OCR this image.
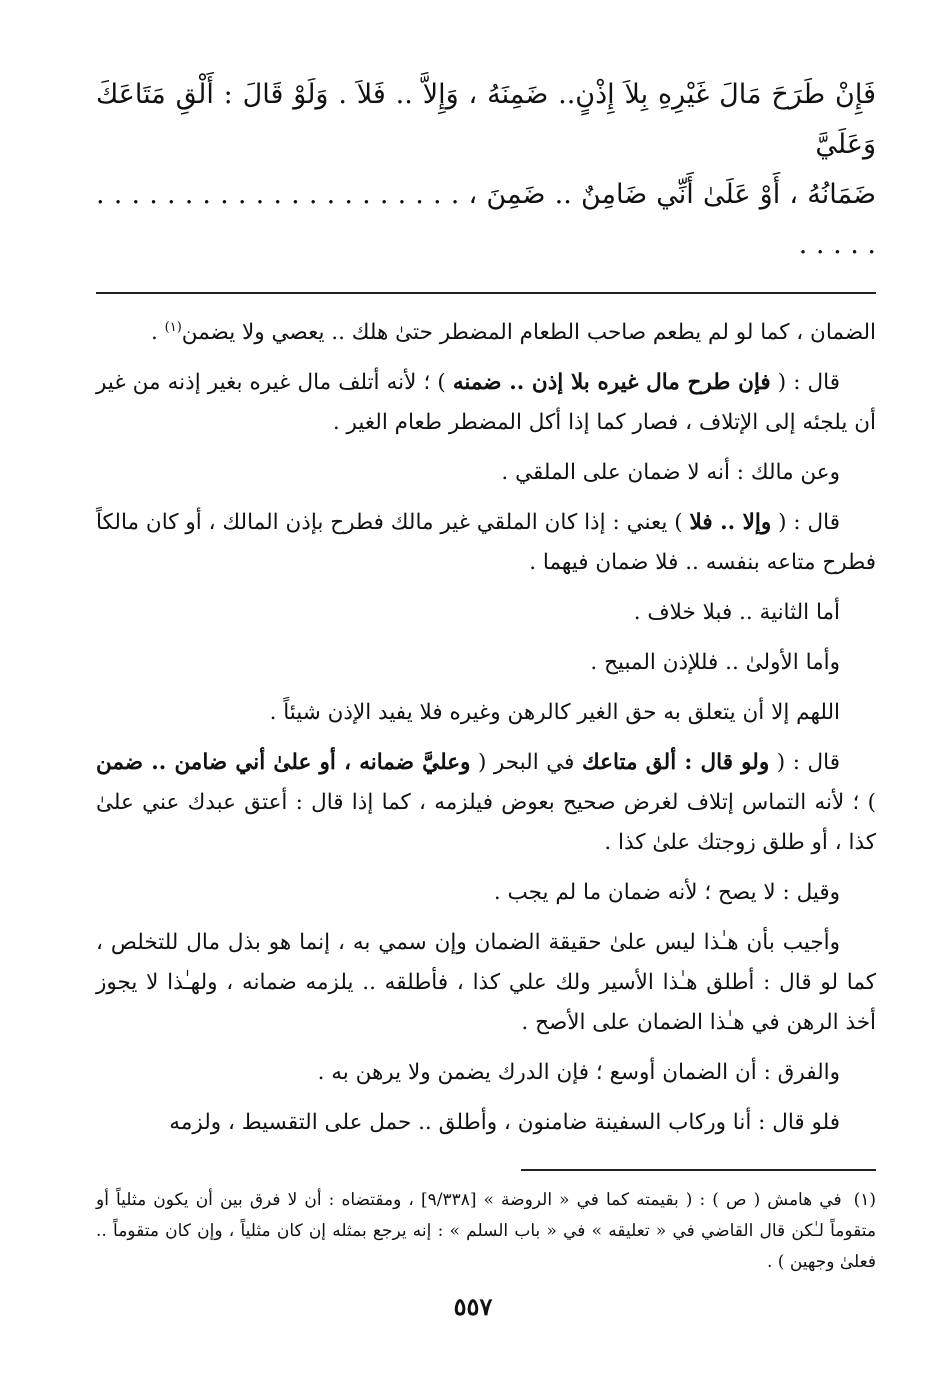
فَإِنْ طَرَحَ مَالَ غَيْرِهِ بِلاَ إِذْنٍ.. ضَمِنَهُ ، وَإِلاَّ .. فَلاَ . وَلَوْ قَالَ : أَلْقِ مَتَاعَكَ وَعَلَيَّ

ضَمَانُهُ ، أَوْ عَلَىٰ أَنِّي ضَامِنٌ .. ضَمِنَ ، . . . . . . . . . . . . . . . . . . . . . . . . . .

الضمان ، كما لو لم يطعم صاحب الطعام المضطر حتىٰ هلك .. يعصي ولا يضمن$^{(١)}$ .

قال : ( فإن طرح مال غيره بلا إذن .. ضمنه ) ؛ لأنه أتلف مال غيره بغير إذنه من غير أن يلجئه إلى الإتلاف ، فصار كما إذا أكل المضطر طعام الغير .

وعن مالك : أنه لا ضمان على الملقي .

قال : ( وإلا .. فلا ) يعني : إذا كان الملقي غير مالك فطرح بإذن المالك ، أو كان مالكاً فطرح متاعه بنفسه .. فلا ضمان فيهما .

أما الثانية .. فبلا خلاف .

وأما الأولىٰ .. فللإذن المبيح .

اللهم إلا أن يتعلق به حق الغير كالرهن وغيره فلا يفيد الإذن شيئاً .

قال : ( ولو قال : ألق متاعك في البحر ( وعليَّ ضمانه ، أو علىٰ أني ضامن .. ضمن ) ؛ لأنه التماس إتلاف لغرض صحيح بعوض فيلزمه ، كما إذا قال : أعتق عبدك عني علىٰ كذا ، أو طلق زوجتك علىٰ كذا .

وقيل : لا يصح ؛ لأنه ضمان ما لم يجب .

وأجيب بأن هـٰذا ليس علىٰ حقيقة الضمان وإن سمي به ، إنما هو بذل مال للتخلص ، كما لو قال : أطلق هـٰذا الأسير ولك علي كذا ، فأطلقه .. يلزمه ضمانه ، ولهـٰذا لا يجوز أخذ الرهن في هـٰذا الضمان على الأصح .

والفرق : أن الضمان أوسع ؛ فإن الدرك يضمن ولا يرهن به .

فلو قال : أنا وركاب السفينة ضامنون ، وأطلق .. حمل على التقسيط ، ولزمه

(١)في هامش ( ص ) : ( بقيمته كما في « الروضة » [٩/٣٣٨] ، ومقتضاه : أن لا فرق بين أن يكون مثلياً أو متقوماً لـٰكن قال القاضي في « تعليقه » في « باب السلم » : إنه يرجع بمثله إن كان مثلياً ، وإن كان متقوماً .. فعلىٰ وجهين ) .

٥٥٧
